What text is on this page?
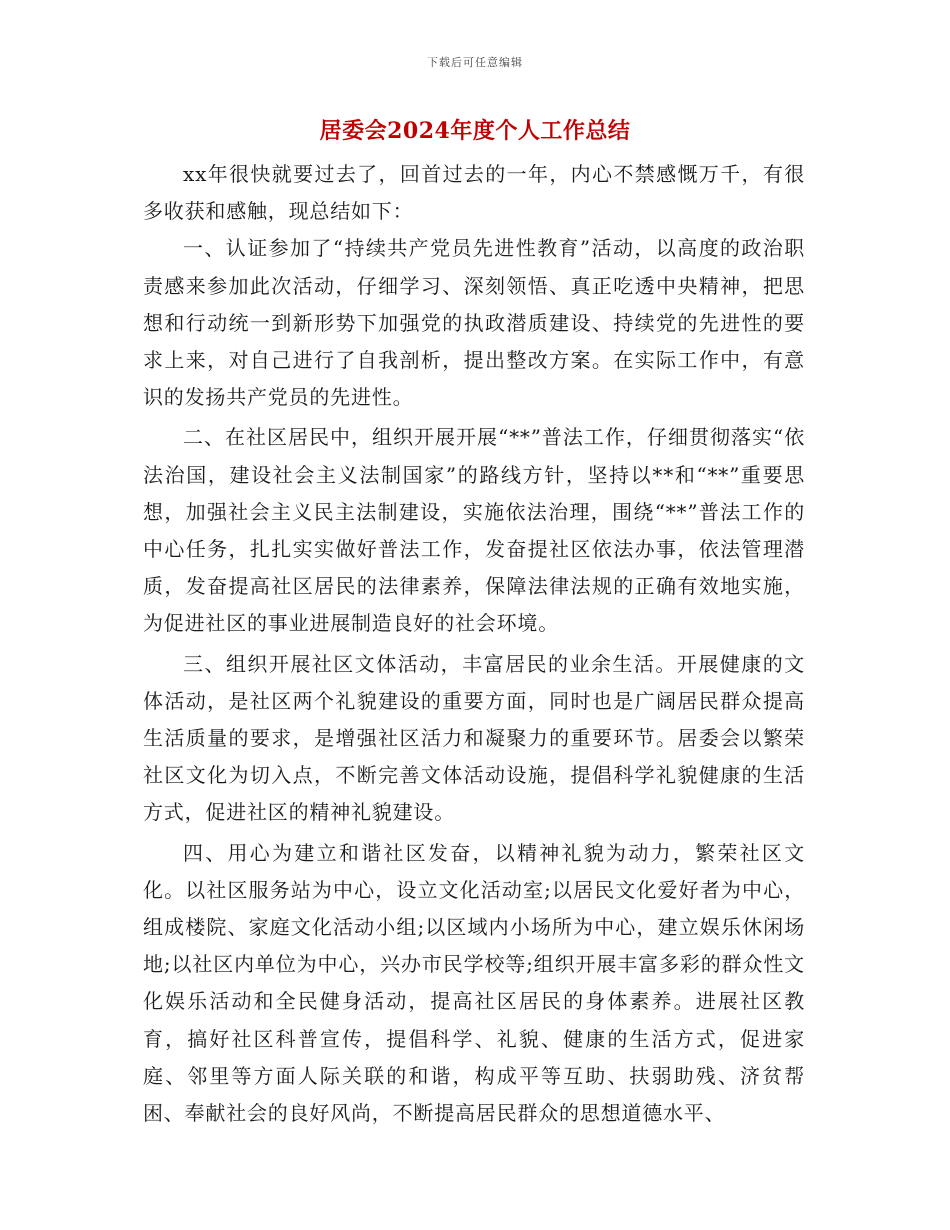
下载后可任意编辑
居委会2024年度个人工作总结

xx年很快就要过去了，回首过去的一年，内心不禁感慨万千，有很多收获和感触，现总结如下：

一、认证参加了“持续共产党员先进性教育”活动，以高度的政治职责感来参加此次活动，仔细学习、深刻领悟、真正吃透中央精神，把思想和行动统一到新形势下加强党的执政潜质建设、持续党的先进性的要求上来，对自己进行了自我剖析，提出整改方案。在实际工作中，有意识的发扬共产党员的先进性。

二、在社区居民中，组织开展开展“**”普法工作，仔细贯彻落实“依法治国，建设社会主义法制国家”的路线方针，坚持以**和“**”重要思想，加强社会主义民主法制建设，实施依法治理，围绕“**”普法工作的中心任务，扎扎实实做好普法工作，发奋提社区依法办事，依法管理潜质，发奋提高社区居民的法律素养，保障法律法规的正确有效地实施，为促进社区的事业进展制造良好的社会环境。

三、组织开展社区文体活动，丰富居民的业余生活。开展健康的文体活动，是社区两个礼貌建设的重要方面，同时也是广阔居民群众提高生活质量的要求，是增强社区活力和凝聚力的重要环节。居委会以繁荣社区文化为切入点，不断完善文体活动设施，提倡科学礼貌健康的生活方式，促进社区的精神礼貌建设。

四、用心为建立和谐社区发奋，以精神礼貌为动力，繁荣社区文化。以社区服务站为中心，设立文化活动室;以居民文化爱好者为中心，组成楼院、家庭文化活动小组;以区域内小场所为中心，建立娱乐休闲场地;以社区内单位为中心，兴办市民学校等;组织开展丰富多彩的群众性文化娱乐活动和全民健身活动，提高社区居民的身体素养。进展社区教育，搞好社区科普宣传，提倡科学、礼貌、健康的生活方式，促进家庭、邻里等方面人际关联的和谐，构成平等互助、扶弱助残、济贫帮困、奉献社会的良好风尚，不断提高居民群众的思想道德水平、
